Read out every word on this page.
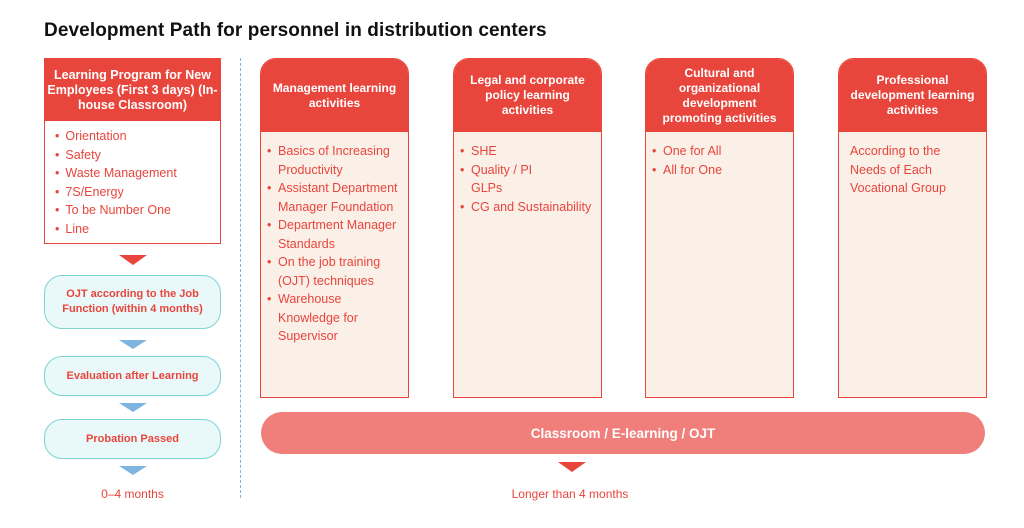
Development Path for personnel in distribution centers
Learning Program for New Employees (First 3 days) (In-house Classroom)
• Orientation
• Safety
• Waste Management
• 7S/Energy
• To be Number One
• Line
OJT according to the Job Function (within 4 months)
Evaluation after Learning
Probation Passed
0–4 months
Management learning activities
• Basics of Increasing Productivity
• Assistant Department Manager Foundation
• Department Manager Standards
• On the job training (OJT) techniques
• Warehouse Knowledge for Supervisor
Legal and corporate policy learning activities
• SHE
• Quality / PI
GLPs
• CG and Sustainability
Cultural and organizational development promoting activities
• One for All
• All for One
Professional development learning activities
According to the Needs of Each Vocational Group
Classroom / E-learning / OJT
Longer than 4 months
